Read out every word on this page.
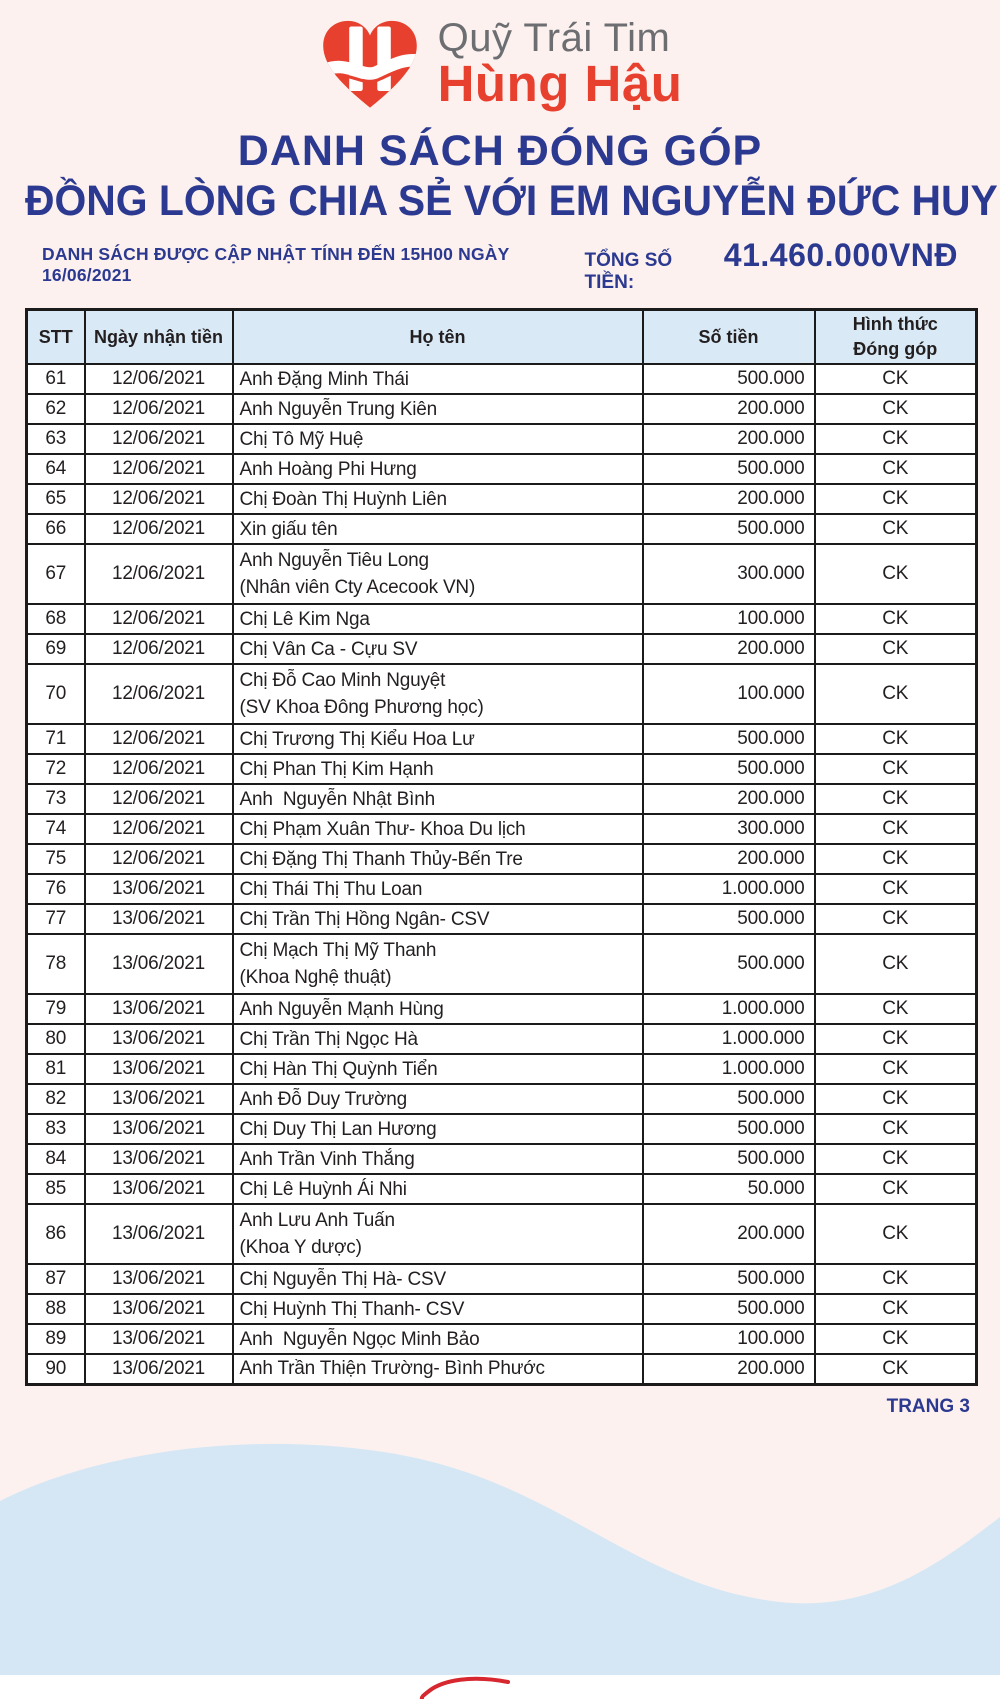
Quỹ Trái Tim
Hùng Hậu
DANH SÁCH ĐÓNG GÓP
ĐỒNG LÒNG CHIA SẺ VỚI EM NGUYỄN ĐỨC HUY
DANH SÁCH ĐƯỢC CẬP NHẬT TÍNH ĐẾN 15H00 NGÀY 16/06/2021
TỔNG SỐ TIỀN:
41.460.000VNĐ
STT	Ngày nhận tiền	Họ tên	Số tiền	Hình thức
Đóng góp

61	12/06/2021	Anh Đặng Minh Thái	500.000	CK
62	12/06/2021	Anh Nguyễn Trung Kiên	200.000	CK
63	12/06/2021	Chị Tô Mỹ Huệ	200.000	CK
64	12/06/2021	Anh Hoàng Phi Hưng	500.000	CK
65	12/06/2021	Chị Đoàn Thị Huỳnh Liên	200.000	CK
66	12/06/2021	Xin giấu tên	500.000	CK
67	12/06/2021	Anh Nguyễn Tiêu Long
(Nhân viên Cty Acecook VN)	300.000	CK
68	12/06/2021	Chị Lê Kim Nga	100.000	CK
69	12/06/2021	Chị Vân Ca - Cựu SV	200.000	CK
70	12/06/2021	Chị Đỗ Cao Minh Nguyệt
(SV Khoa Đông Phương học)	100.000	CK
71	12/06/2021	Chị Trương Thị Kiểu Hoa Lư	500.000	CK
72	12/06/2021	Chị Phan Thị Kim Hạnh	500.000	CK
73	12/06/2021	Anh  Nguyễn Nhật Bình	200.000	CK
74	12/06/2021	Chị Phạm Xuân Thư- Khoa Du lịch	300.000	CK
75	12/06/2021	Chị Đặng Thị Thanh Thủy-Bến Tre	200.000	CK
76	13/06/2021	Chị Thái Thị Thu Loan	1.000.000	CK
77	13/06/2021	Chị Trần Thị Hồng Ngân- CSV	500.000	CK
78	13/06/2021	Chị Mạch Thị Mỹ Thanh
(Khoa Nghệ thuật)	500.000	CK
79	13/06/2021	Anh Nguyễn Mạnh Hùng	1.000.000	CK
80	13/06/2021	Chị Trần Thị Ngọc Hà	1.000.000	CK
81	13/06/2021	Chị Hàn Thị Quỳnh Tiển	1.000.000	CK
82	13/06/2021	Anh Đỗ Duy Trường	500.000	CK
83	13/06/2021	Chị Duy Thị Lan Hương	500.000	CK
84	13/06/2021	Anh Trần Vinh Thắng	500.000	CK
85	13/06/2021	Chị Lê Huỳnh Ái Nhi	50.000	CK
86	13/06/2021	Anh Lưu Anh Tuấn
(Khoa Y dược)	200.000	CK
87	13/06/2021	Chị Nguyễn Thị Hà- CSV	500.000	CK
88	13/06/2021	Chị Huỳnh Thị Thanh- CSV	500.000	CK
89	13/06/2021	Anh  Nguyễn Ngọc Minh Bảo	100.000	CK
90	13/06/2021	Anh Trần Thiện Trường- Bình Phước	200.000	CK
TRANG 3
